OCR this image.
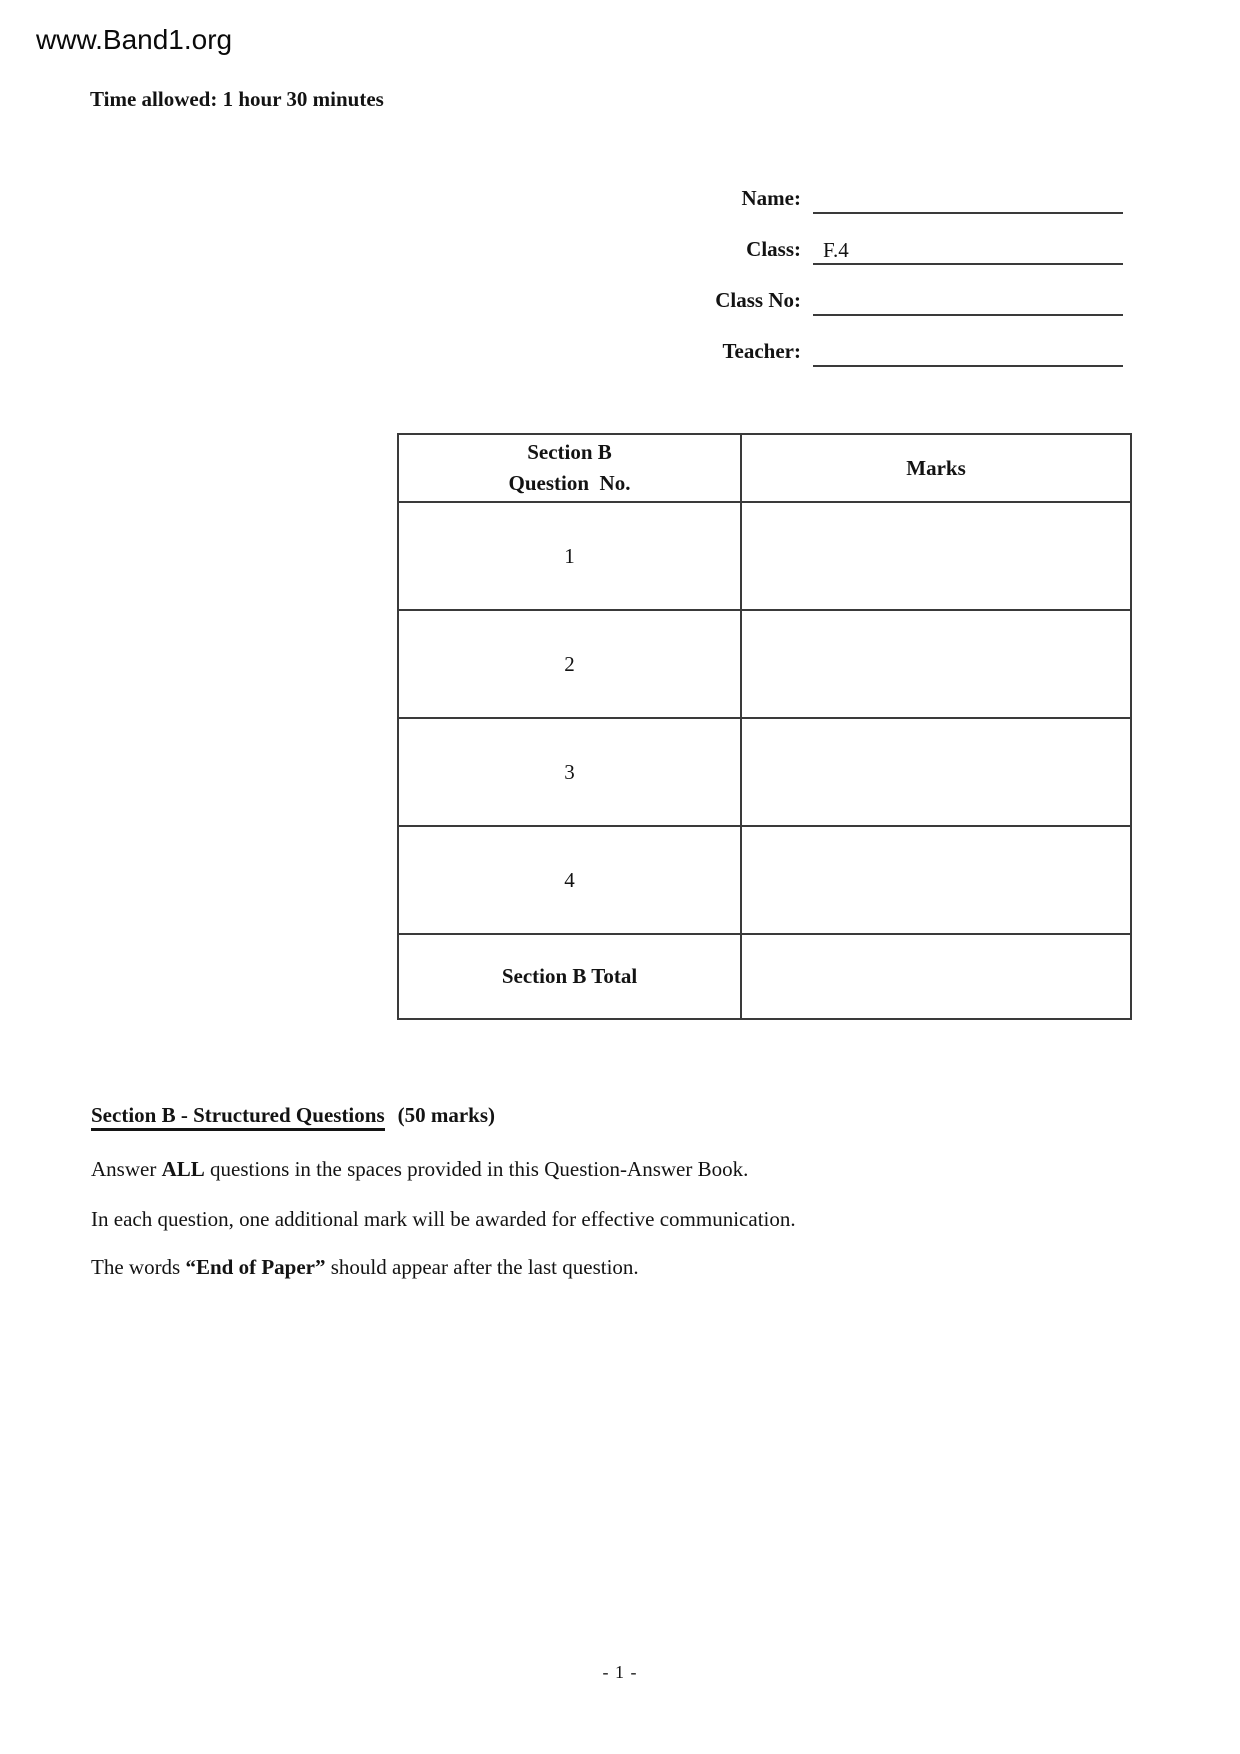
www.Band1.org
Time allowed: 1 hour 30 minutes
Name:
Class:	F.4
Class No:
Teacher:
Section B
Question  No.	Marks
1	
2	
3	
4	
Section B Total	
Section B - Structured Questions (50 marks)
Answer ALL questions in the spaces provided in this Question-Answer Book.
In each question, one additional mark will be awarded for effective communication.
The words “End of Paper” should appear after the last question.
- 1 -
